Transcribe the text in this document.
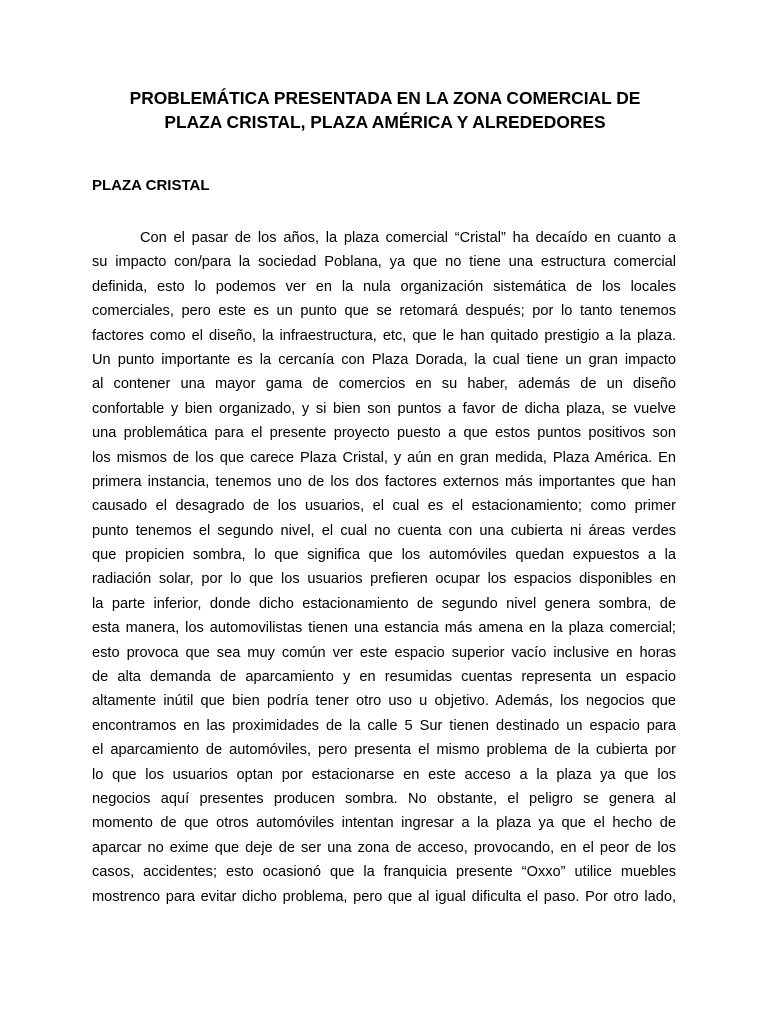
PROBLEMÁTICA PRESENTADA EN LA ZONA COMERCIAL DE
PLAZA CRISTAL, PLAZA AMÉRICA Y ALREDEDORES
PLAZA CRISTAL
Con el pasar de los años, la plaza comercial “Cristal” ha decaído en cuanto a
su impacto con/para la sociedad Poblana, ya que no tiene una estructura comercial
definida, esto lo podemos ver en la nula organización sistemática de los locales
comerciales, pero este es un punto que se retomará después; por lo tanto tenemos
factores como el diseño, la infraestructura, etc, que le han quitado prestigio a la plaza.
Un punto importante es la cercanía con Plaza Dorada, la cual tiene un gran impacto
al contener una mayor gama de comercios en su haber, además de un diseño
confortable y bien organizado, y si bien son puntos a favor de dicha plaza, se vuelve
una problemática para el presente proyecto puesto a que estos puntos positivos son
los mismos de los que carece Plaza Cristal, y aún en gran medida, Plaza América. En
primera instancia, tenemos uno de los dos factores externos más importantes que han
causado el desagrado de los usuarios, el cual es el estacionamiento; como primer
punto tenemos el segundo nivel, el cual no cuenta con una cubierta ni áreas verdes
que propicien sombra, lo que significa que los automóviles quedan expuestos a la
radiación solar, por lo que los usuarios prefieren ocupar los espacios disponibles en
la parte inferior, donde dicho estacionamiento de segundo nivel genera sombra, de
esta manera, los automovilistas tienen una estancia más amena en la plaza comercial;
esto provoca que sea muy común ver este espacio superior vacío inclusive en horas
de alta demanda de aparcamiento y en resumidas cuentas representa un espacio
altamente inútil que bien podría tener otro uso u objetivo. Además, los negocios que
encontramos en las proximidades de la calle 5 Sur tienen destinado un espacio para
el aparcamiento de automóviles, pero presenta el mismo problema de la cubierta por
lo que los usuarios optan por estacionarse en este acceso a la plaza ya que los
negocios aquí presentes producen sombra. No obstante, el peligro se genera al
momento de que otros automóviles intentan ingresar a la plaza ya que el hecho de
aparcar no exime que deje de ser una zona de acceso, provocando, en el peor de los
casos, accidentes; esto ocasionó que la franquicia presente “Oxxo” utilice muebles
mostrenco para evitar dicho problema, pero que al igual dificulta el paso. Por otro lado,
